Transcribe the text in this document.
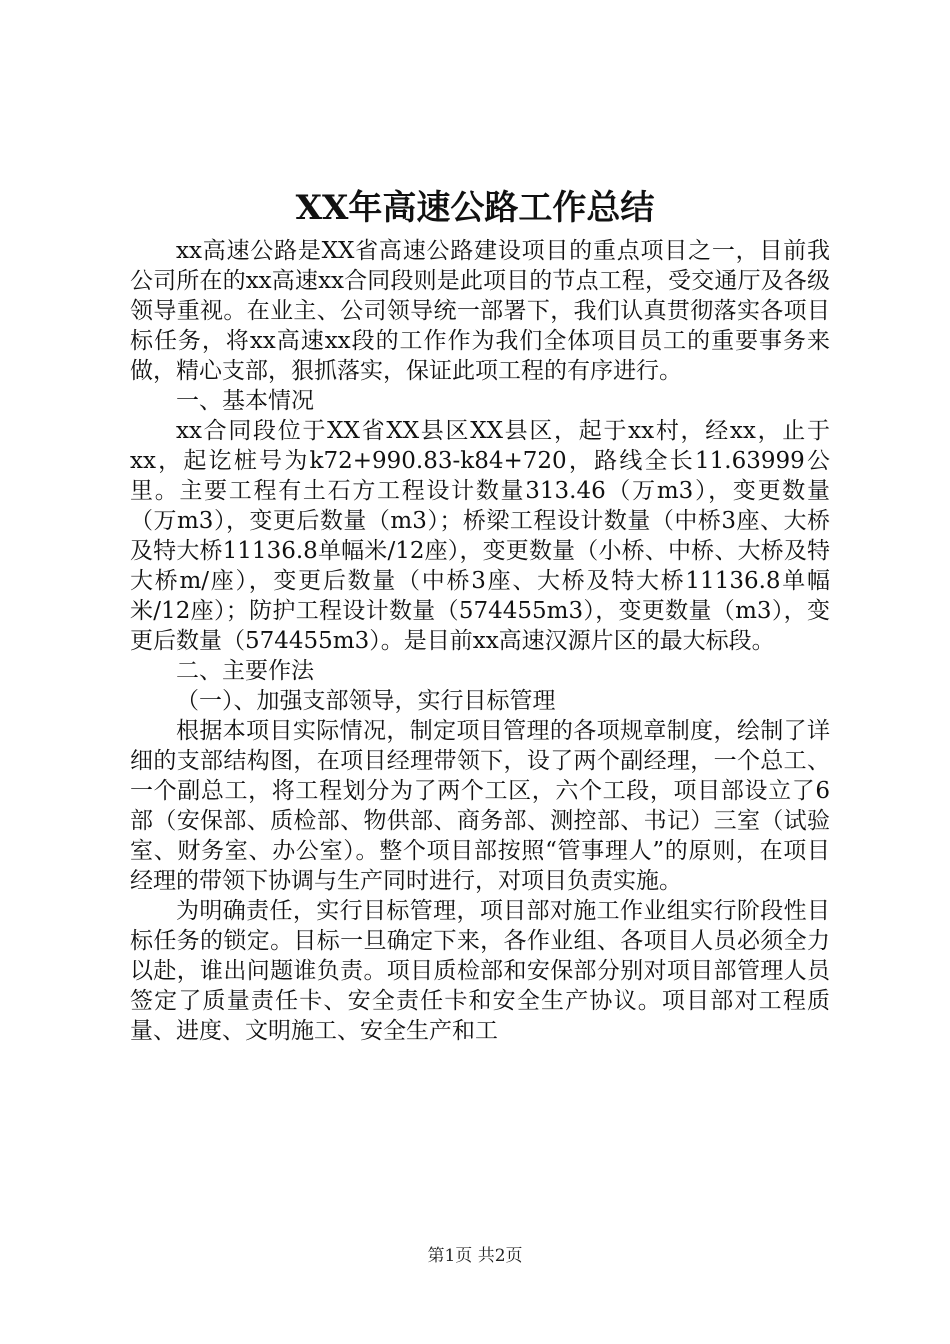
XX年高速公路工作总结

xx高速公路是XX省高速公路建设项目的重点项目之一，目前我公司所在的xx高速xx合同段则是此项目的节点工程，受交通厅及各级领导重视。在业主、公司领导统一部署下，我们认真贯彻落实各项目标任务，将xx高速xx段的工作作为我们全体项目员工的重要事务来做，精心支部，狠抓落实，保证此项工程的有序进行。

一、基本情况

xx合同段位于XX省XX县区XX县区，起于xx村，经xx，止于xx，起讫桩号为k72+990.83-k84+720，路线全长11.63999公里。主要工程有土石方工程设计数量313.46（万m3），变更数量（万m3），变更后数量（m3）；桥梁工程设计数量（中桥3座、大桥及特大桥11136.8单幅米/12座），变更数量（小桥、中桥、大桥及特大桥m/座），变更后数量（中桥3座、大桥及特大桥11136.8单幅米/12座）；防护工程设计数量（574455m3），变更数量（m3），变更后数量（574455m3）。是目前xx高速汉源片区的最大标段。

二、主要作法

（一）、加强支部领导，实行目标管理

根据本项目实际情况，制定项目管理的各项规章制度，绘制了详细的支部结构图，在项目经理带领下，设了两个副经理，一个总工、一个副总工，将工程划分为了两个工区，六个工段，项目部设立了6部（安保部、质检部、物供部、商务部、测控部、书记）三室（试验室、财务室、办公室）。整个项目部按照“管事理人”的原则，在项目经理的带领下协调与生产同时进行，对项目负责实施。

为明确责任，实行目标管理，项目部对施工作业组实行阶段性目标任务的锁定。目标一旦确定下来，各作业组、各项目人员必须全力以赴，谁出问题谁负责。项目质检部和安保部分别对项目部管理人员签定了质量责任卡、安全责任卡和安全生产协议。项目部对工程质量、进度、文明施工、安全生产和工

第1页 共2页
